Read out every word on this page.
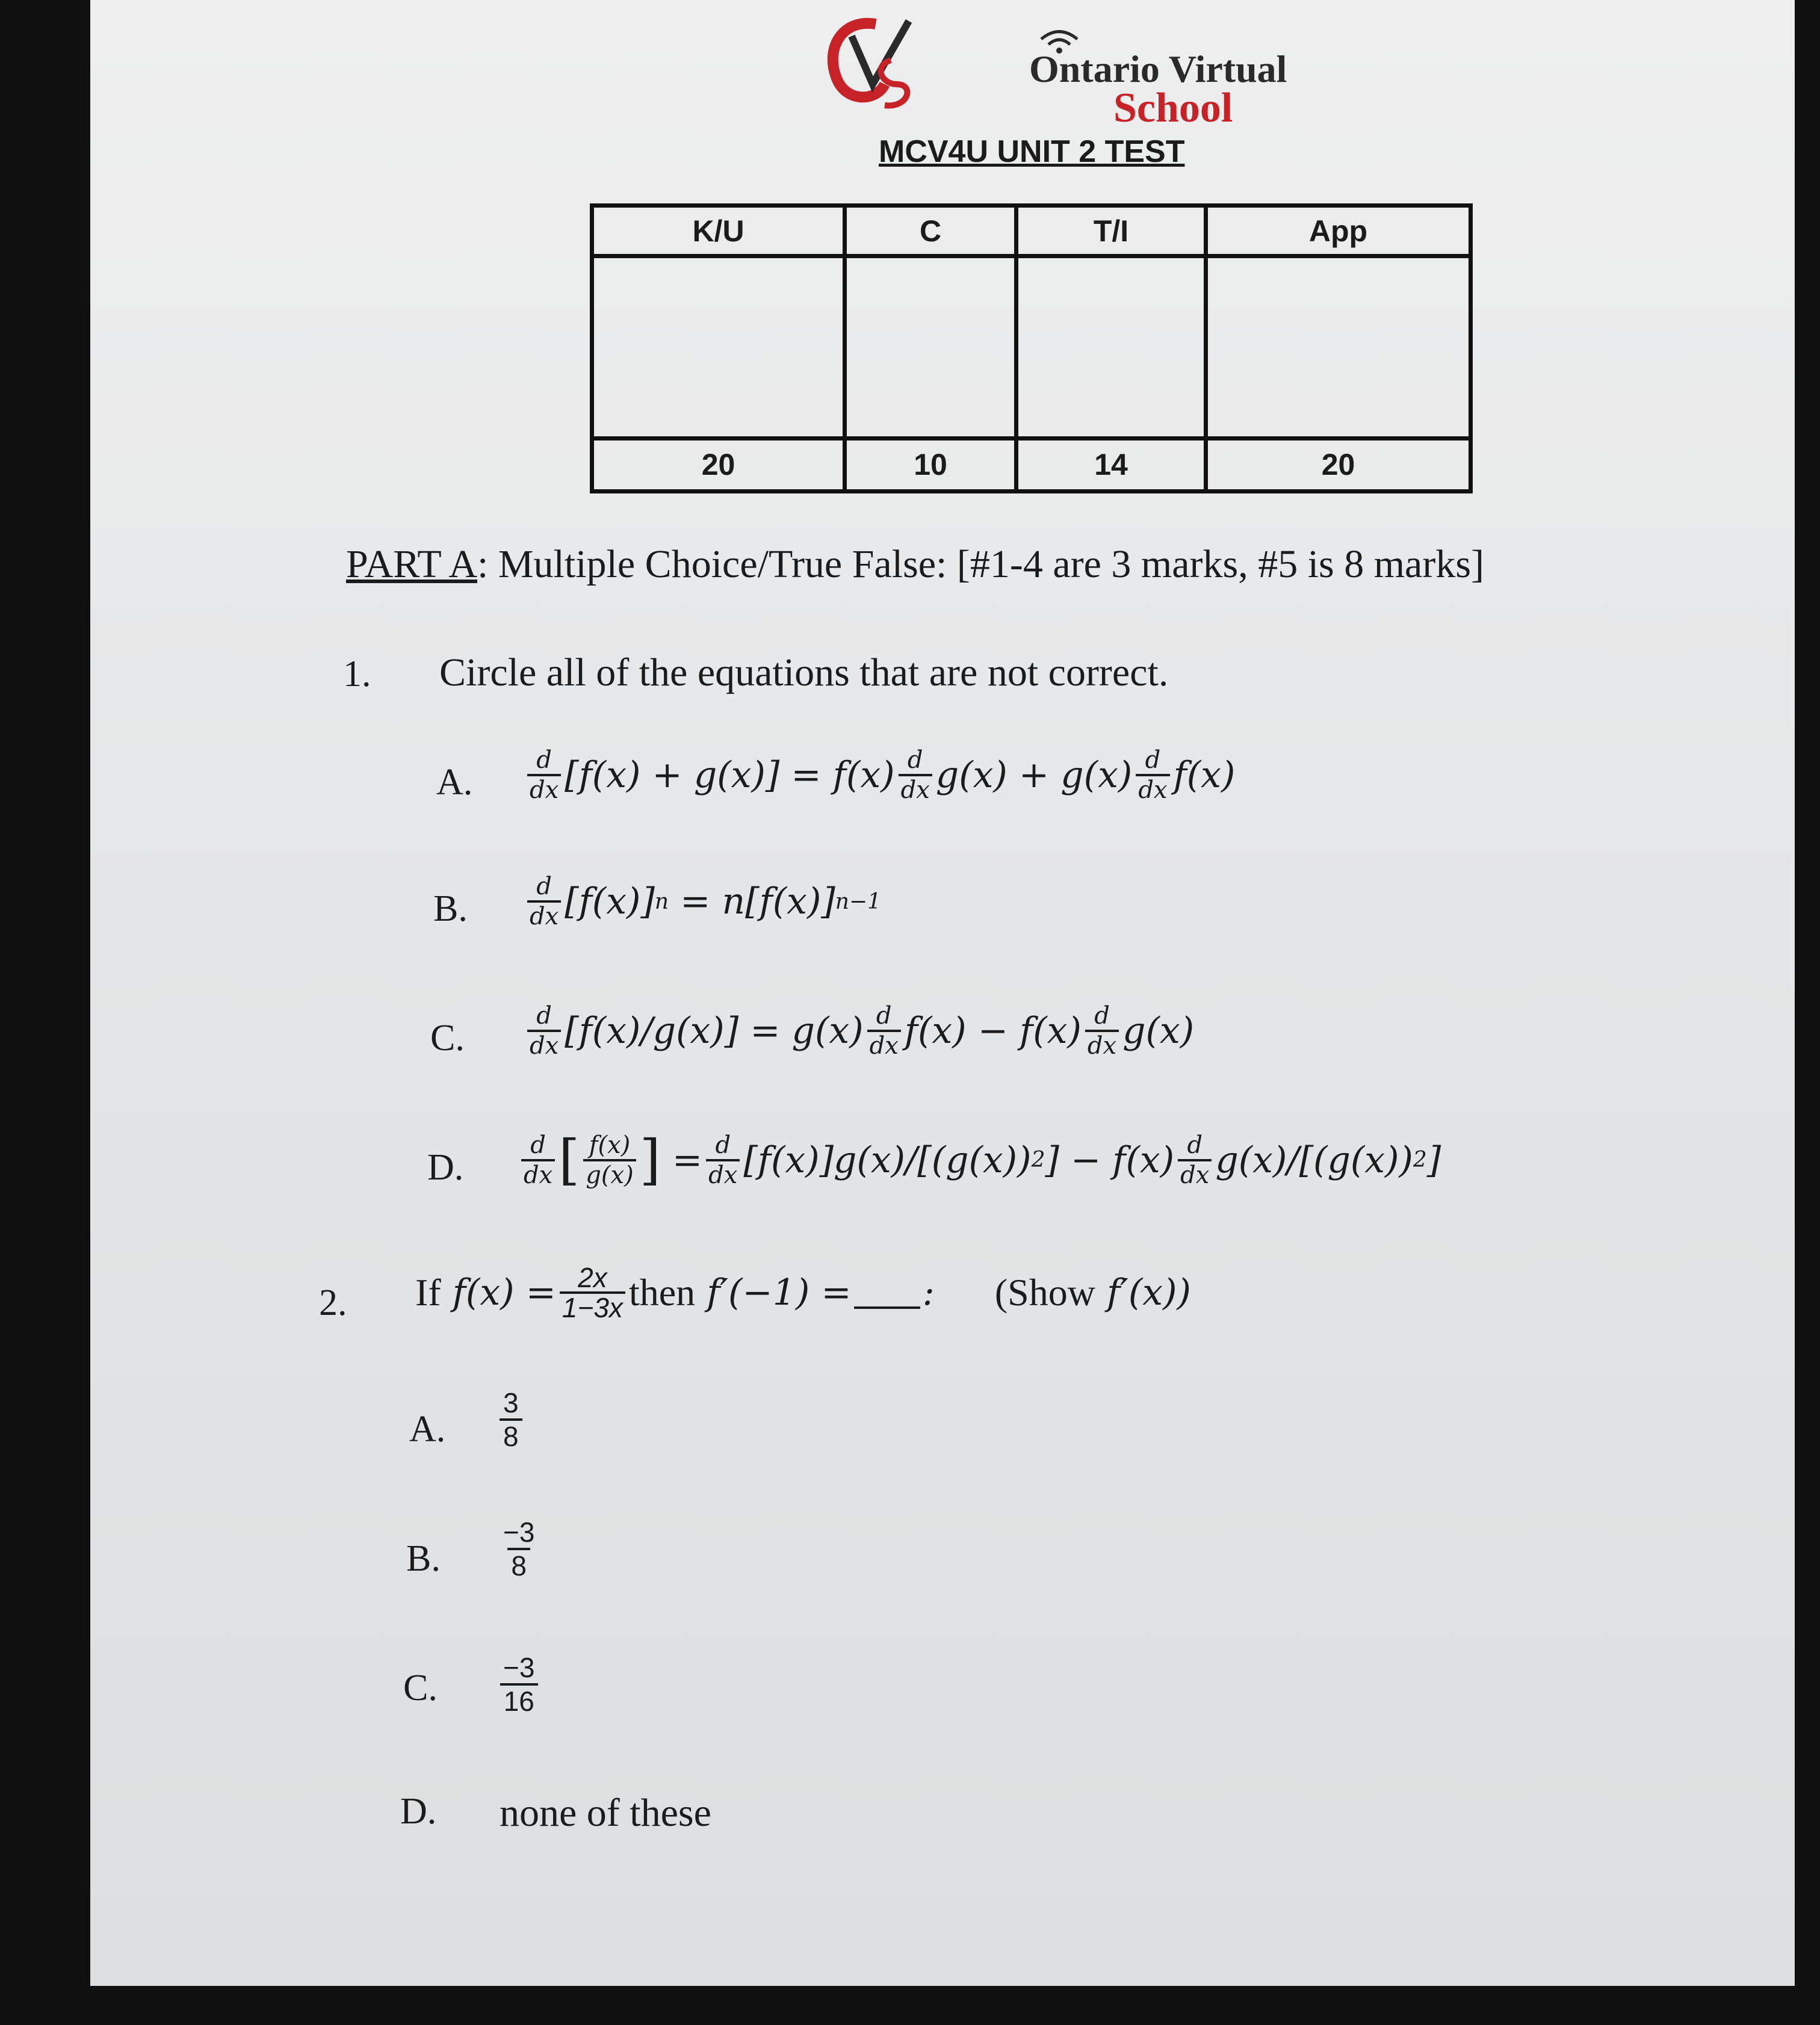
Ontario Virtual
School
MCV4U UNIT 2 TEST
K/U	C	T/I	App

20	10	14	20
PART A: Multiple Choice/True False: [#1-4 are 3 marks, #5 is 8 marks]
1. Circle all of the equations that are not correct.
A. $\frac{d}{dx} [f(x) + g(x)] = f(x) \frac{d}{dx} g(x) + g(x) \frac{d}{dx} f(x)$
B. $\frac{d}{dx} [f(x)] n = n[f(x)]$ n−1
C.	$\frac{d}{dx} [f(x)/g(x)] = g(x) \frac{d}{dx} f(x) - f(x) \frac{d}{dx} g(x)$
D. $\frac{d}{dx}$ [ $\frac{f(x)}{g(x)}$ ] = $\frac{d}{dx} [f(x)]g(x)/[(g(x))$ 2 ] − $f(x) \frac{d}{dx} g(x)/[(g(x))$ 2 ]
2. If $f(x) = \frac{2x}{1-3x}$ then f′(−1) = : (Show f′(x))
A. $\frac{3}{8}$
B. $\frac{-3}{8}$
C. $\frac{-3}{16}$
D. none of these
